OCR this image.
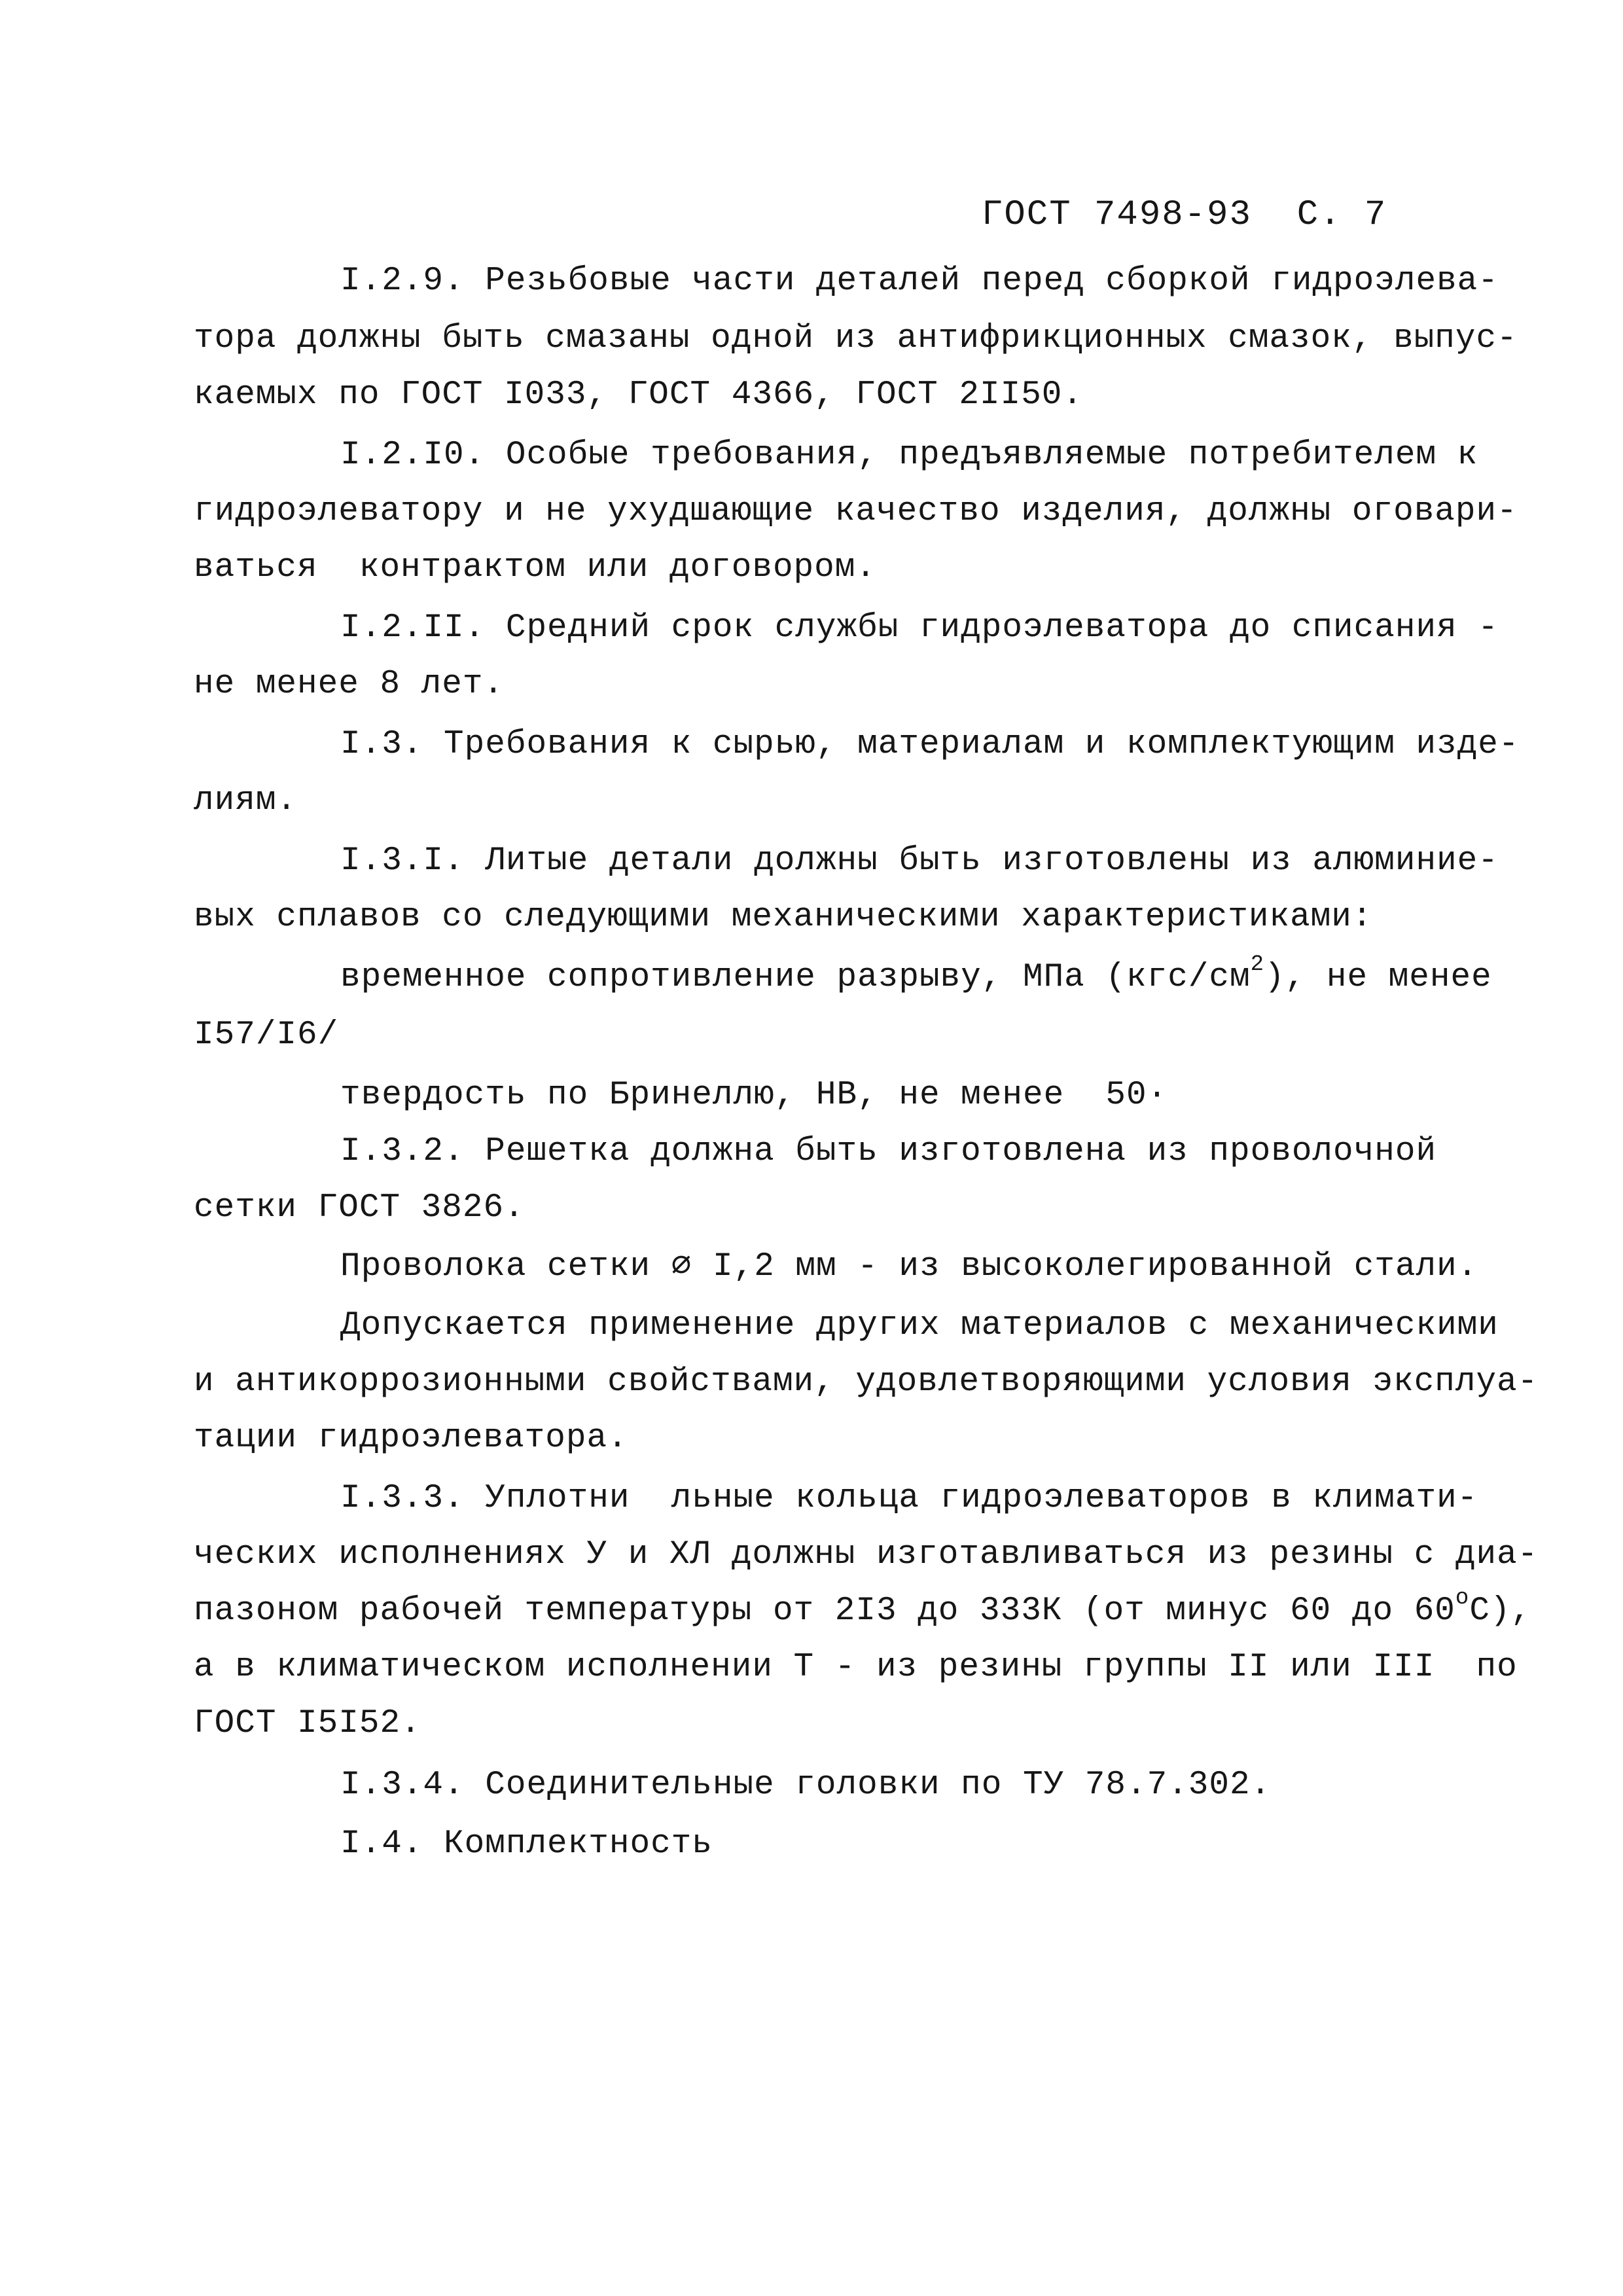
ГОСТ 7498-93 С. 7
I.2.9. Резьбовые части деталей перед сборкой гидроэлева-
тора должны быть смазаны одной из антифрикционных смазок, выпус-
каемых по ГОСТ I033, ГОСТ 4366, ГОСТ 2II50.
I.2.I0. Особые требования, предъявляемые потребителем к
гидроэлеватору и не ухудшающие качество изделия, должны оговари-
ваться  контрактом или договором.
I.2.II. Средний срок службы гидроэлеватора до списания -
не менее 8 лет.
I.3. Требования к сырью, материалам и комплектующим изде-
лиям.
I.3.I. Литые детали должны быть изготовлены из алюминие-
вых сплавов со следующими механическими характеристиками:
временное сопротивление разрыву, МПа $(кгс/см^2)$, не менее
I57/I6/
твердость по Бринеллю, НВ, не менее  50·
I.3.2. Решетка должна быть изготовлена из проволочной
сетки ГОСТ 3826.
Проволока сетки ∅ I,2 мм - из высоколегированной стали.
Допускается применение других материалов с механическими
и антикоррозионными свойствами, удовлетворяющими условия эксплуа-
тации гидроэлеватора.
I.3.3. Уплотни  льные кольца гидроэлеваторов в климати-
ческих исполнениях У и ХЛ должны изготавливаться из резины с диа-
пазоном рабочей температуры от 2I3 до 333К (от минус 60 до $60^оС$),
а в климатическом исполнении Т - из резины группы II или III  по
ГОСТ I5I52.
I.3.4. Соединительные головки по ТУ 78.7.302.
I.4. Комплектность
